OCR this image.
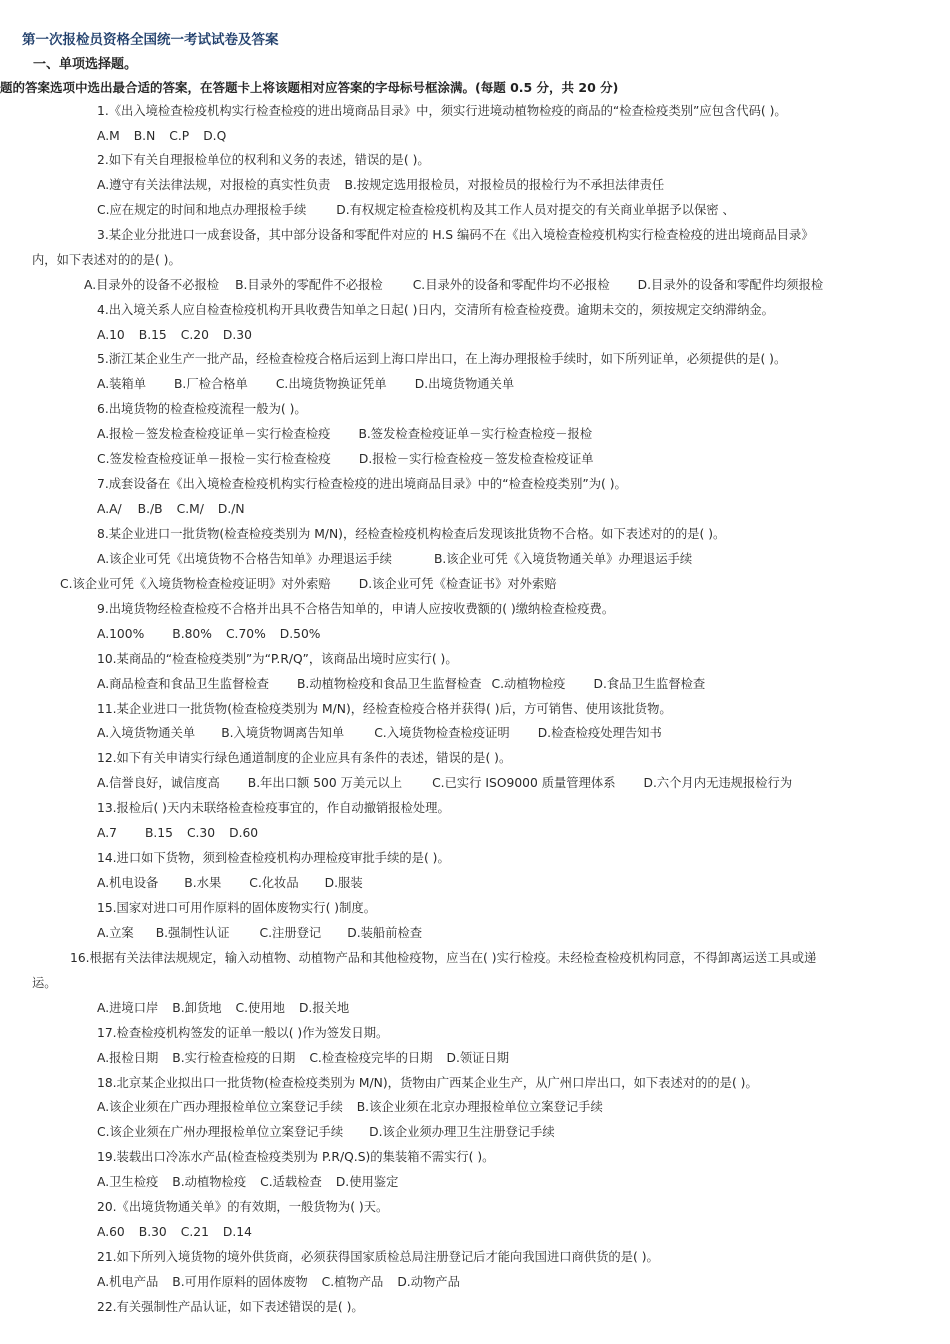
第一次报检员资格全国统一考试试卷及答案
一、单项选择题。
题的答案选项中选出最合适的答案，在答题卡上将该题相对应答案的字母标号框涂满。(每题 0.5 分，共 20 分)
1.《出入境检查检疫机构实行检查检疫的进出境商品目录》中，须实行进境动植物检疫的商品的“检查检疫类别”应包含代码( )。
A.M B.N C.P D.Q
2.如下有关自理报检单位的权利和义务的表述，错误的是( )。
A.遵守有关法律法规，对报检的真实性负责 B.按规定选用报检员，对报检员的报检行为不承担法律责任
C.应在规定的时间和地点办理报检手续 D.有权规定检查检疫机构及其工作人员对提交的有关商业单据予以保密 、
3.某企业分批进口一成套设备，其中部分设备和零配件对应的 H.S 编码不在《出入境检查检疫机构实行检查检疫的进出境商品目录》
内，如下表述对的的是( )。
A.目录外的设备不必报检 B.目录外的零配件不必报检 C.目录外的设备和零配件均不必报检 D.目录外的设备和零配件均须报检
4.出入境关系人应自检查检疫机构开具收费告知单之日起( )日内，交清所有检查检疫费。逾期未交的，须按规定交纳滞纳金。
A.10 B.15 C.20 D.30
5.浙江某企业生产一批产品，经检查检疫合格后运到上海口岸出口，在上海办理报检手续时，如下所列证单，必须提供的是( )。
A.装箱单 B.厂检合格单 C.出境货物换证凭单 D.出境货物通关单
6.出境货物的检查检疫流程一般为( )。
A.报检－签发检查检疫证单－实行检查检疫 B.签发检查检疫证单－实行检查检疫－报检
C.签发检查检疫证单－报检－实行检查检疫 D.报检－实行检查检疫－签发检查检疫证单
7.成套设备在《出入境检查检疫机构实行检查检疫的进出境商品目录》中的“检查检疫类别”为( )。
A.A/ B./B C.M/ D./N
8.某企业进口一批货物(检查检疫类别为 M/N)，经检查检疫机构检查后发现该批货物不合格。如下表述对的的是( )。
A.该企业可凭《出境货物不合格告知单》办理退运手续	B.该企业可凭《入境货物通关单》办理退运手续
C.该企业可凭《入境货物检查检疫证明》对外索赔 D.该企业可凭《检查证书》对外索赔
9.出境货物经检查检疫不合格并出具不合格告知单的，申请人应按收费额的( )缴纳检查检疫费。
A.100% B.80% C.70% D.50%
10.某商品的“检查检疫类别”为“P.R/Q”，该商品出境时应实行( )。
A.商品检查和食品卫生监督检查 B.动植物检疫和食品卫生监督检查 C.动植物检疫 D.食品卫生监督检查
11.某企业进口一批货物(检查检疫类别为 M/N)，经检查检疫合格并获得( )后，方可销售、使用该批货物。
A.入境货物通关单 B.入境货物调离告知单 C.入境货物检查检疫证明 D.检查检疫处理告知书
12.如下有关申请实行绿色通道制度的企业应具有条件的表述，错误的是( )。
A.信誉良好，诚信度高 B.年出口额 500 万美元以上 C.已实行 ISO9000 质量管理体系 D.六个月内无违规报检行为
13.报检后( )天内未联络检查检疫事宜的，作自动撤销报检处理。
A.7 B.15 C.30 D.60
14.进口如下货物，须到检查检疫机构办理检疫审批手续的是( )。
A.机电设备 B.水果 C.化妆品 D.服装
15.国家对进口可用作原料的固体废物实行( )制度。
A.立案 B.强制性认证 C.注册登记 D.装船前检查
16.根据有关法律法规规定，输入动植物、动植物产品和其他检疫物，应当在( )实行检疫。未经检查检疫机构同意，不得卸离运送工具或递
运。
A.进境口岸 B.卸货地 C.使用地 D.报关地
17.检查检疫机构签发的证单一般以( )作为签发日期。
A.报检日期 B.实行检查检疫的日期 C.检查检疫完毕的日期 D.领证日期
18.北京某企业拟出口一批货物(检查检疫类别为 M/N)，货物由广西某企业生产，从广州口岸出口，如下表述对的的是( )。
A.该企业须在广西办理报检单位立案登记手续 B.该企业须在北京办理报检单位立案登记手续
C.该企业须在广州办理报检单位立案登记手续 D.该企业须办理卫生注册登记手续
19.装载出口冷冻水产品(检查检疫类别为 P.R/Q.S)的集装箱不需实行( )。
A.卫生检疫 B.动植物检疫 C.适载检查 D.使用鉴定
20.《出境货物通关单》的有效期，一般货物为( )天。
A.60 B.30 C.21 D.14
21.如下所列入境货物的境外供货商，必须获得国家质检总局注册登记后才能向我国进口商供货的是( )。
A.机电产品 B.可用作原料的固体废物 C.植物产品 D.动物产品
22.有关强制性产品认证，如下表述错误的是( )。
